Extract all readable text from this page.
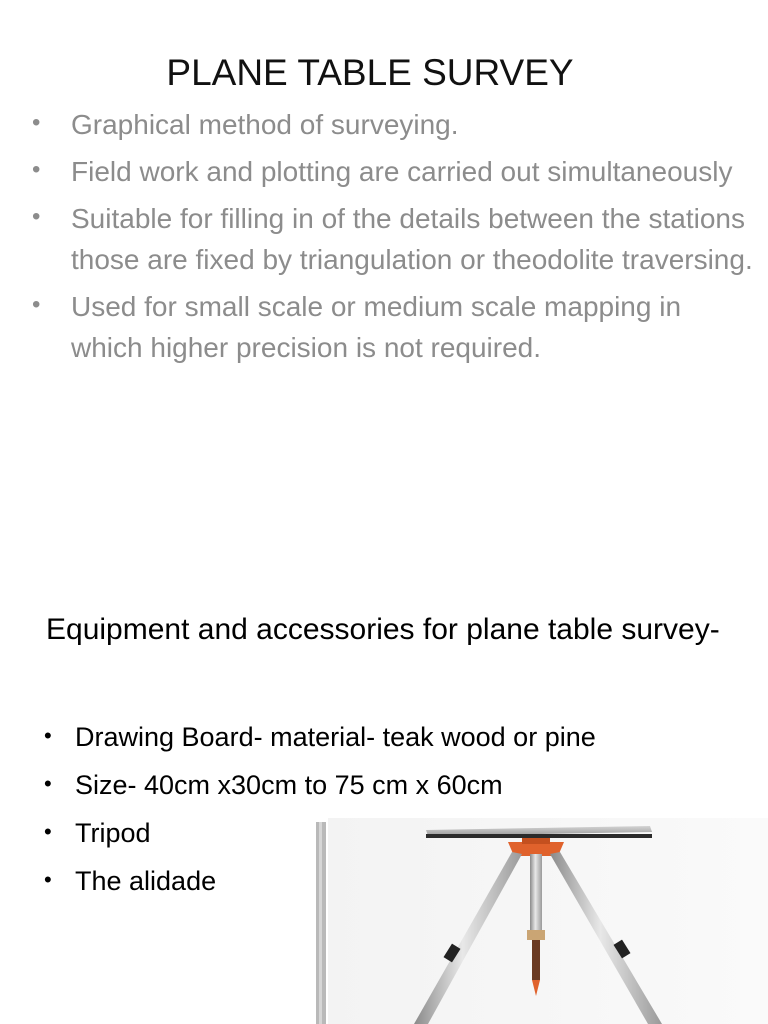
PLANE TABLE SURVEY
• Graphical method of surveying.
• Field work and plotting are carried out simultaneously
• Suitable for filling in of the details between the stations those are fixed by triangulation or theodolite traversing.
• Used for small scale or medium scale mapping in which higher precision is not required.
Equipment and accessories for plane table survey-
• Drawing Board- material- teak wood or pine
• Size- 40cm x30cm to 75 cm x 60cm
• Tripod
• The alidade
